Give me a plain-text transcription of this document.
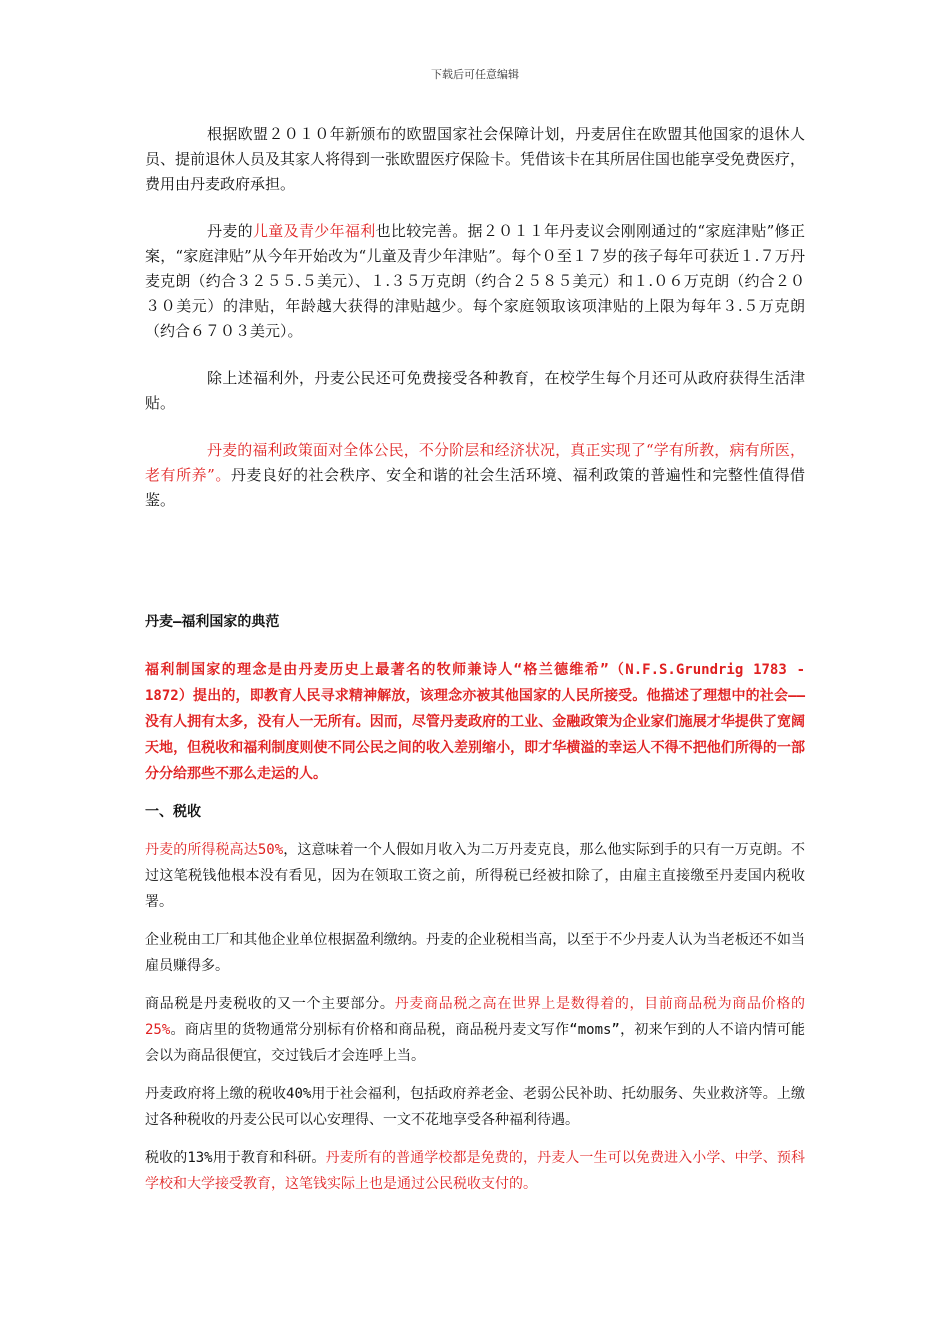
下载后可任意编辑

根据欧盟２０１０年新颁布的欧盟国家社会保障计划，丹麦居住在欧盟其他国家的退休人员、提前退休人员及其家人将得到一张欧盟医疗保险卡。凭借该卡在其所居住国也能享受免费医疗，费用由丹麦政府承担。

丹麦的儿童及青少年福利也比较完善。据２０１１年丹麦议会刚刚通过的“家庭津贴”修正案，“家庭津贴”从今年开始改为“儿童及青少年津贴”。每个０至１７岁的孩子每年可获近１.７万丹麦克朗（约合３２５５.５美元）、１.３５万克朗（约合２５８５美元）和１.０６万克朗（约合２０３０美元）的津贴，年龄越大获得的津贴越少。每个家庭领取该项津贴的上限为每年３.５万克朗（约合６７０３美元）。

除上述福利外，丹麦公民还可免费接受各种教育，在校学生每个月还可从政府获得生活津贴。

丹麦的福利政策面对全体公民，不分阶层和经济状况，真正实现了“学有所教，病有所医，老有所养”。丹麦良好的社会秩序、安全和谐的社会生活环境、福利政策的普遍性和完整性值得借鉴。

丹麦—福利国家的典范

福利制国家的理念是由丹麦历史上最著名的牧师兼诗人“格兰德维希”（N.F.S.Grundrig 1783 - 1872）提出的，即教育人民寻求精神解放，该理念亦被其他国家的人民所接受。他描述了理想中的社会——没有人拥有太多，没有人一无所有。因而，尽管丹麦政府的工业、金融政策为企业家们施展才华提供了宽阔天地，但税收和福利制度则使不同公民之间的收入差别缩小，即才华横溢的幸运人不得不把他们所得的一部分分给那些不那么走运的人。

一、税收

丹麦的所得税高达50%，这意味着一个人假如月收入为二万丹麦克良，那么他实际到手的只有一万克朗。不过这笔税钱他根本没有看见，因为在领取工资之前，所得税已经被扣除了，由雇主直接缴至丹麦国内税收署。

企业税由工厂和其他企业单位根据盈利缴纳。丹麦的企业税相当高，以至于不少丹麦人认为当老板还不如当雇员赚得多。

商品税是丹麦税收的又一个主要部分。丹麦商品税之高在世界上是数得着的，目前商品税为商品价格的25%。商店里的货物通常分别标有价格和商品税，商品税丹麦文写作“moms”，初来乍到的人不谙内情可能会以为商品很便宜，交过钱后才会连呼上当。

丹麦政府将上缴的税收40%用于社会福利，包括政府养老金、老弱公民补助、托幼服务、失业救济等。上缴过各种税收的丹麦公民可以心安理得、一文不花地享受各种福利待遇。

税收的13%用于教育和科研。丹麦所有的普通学校都是免费的，丹麦人一生可以免费进入小学、中学、预科学校和大学接受教育，这笔钱实际上也是通过公民税收支付的。
